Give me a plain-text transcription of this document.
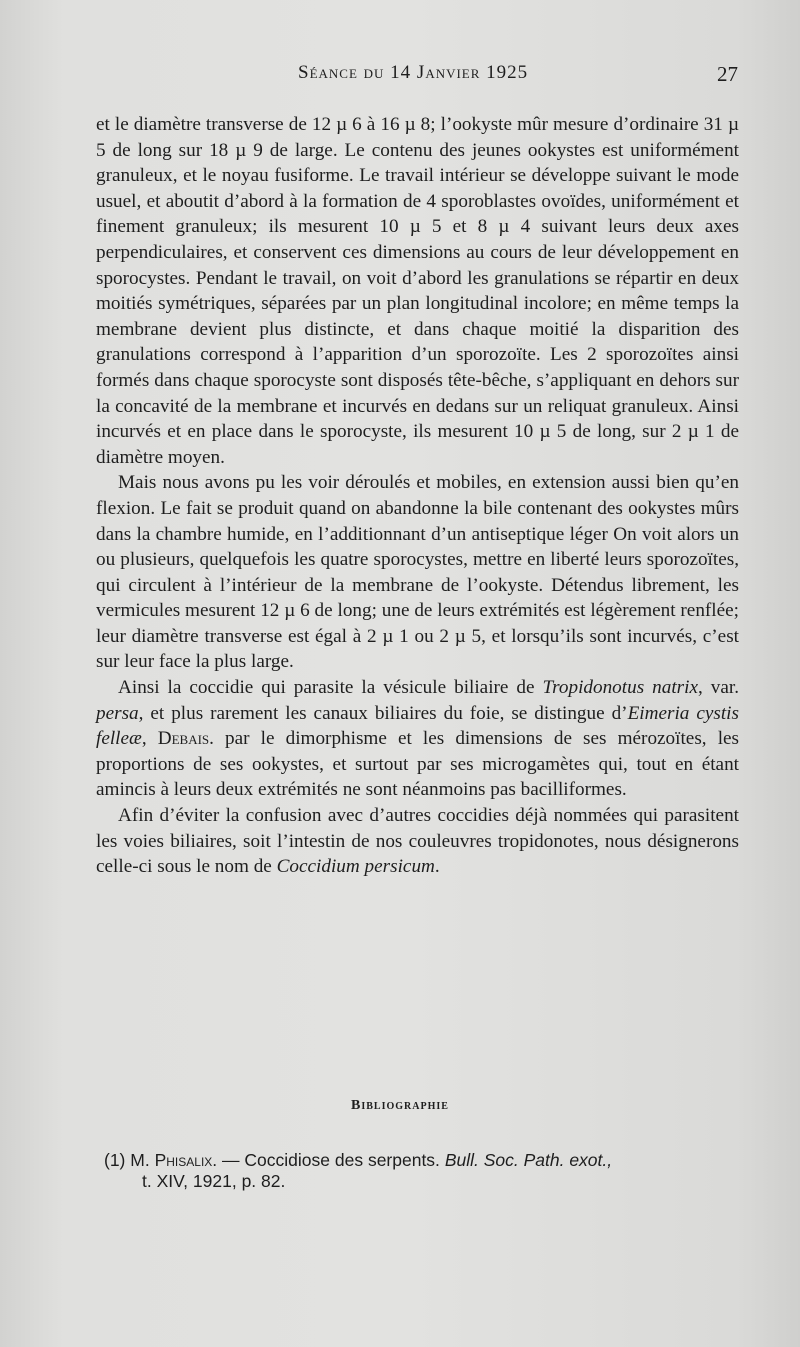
Séance du 14 Janvier 1925	27

et le diamètre transverse de 12 µ 6 à 16 µ 8; l’ookyste mûr mesure d’ordinaire 31 µ 5 de long sur 18 µ 9 de large. Le contenu des jeunes ookystes est uniformément granuleux, et le noyau fusiforme. Le travail intérieur se développe suivant le mode usuel, et aboutit d’abord à la formation de 4 sporoblastes ovoïdes, uniformément et finement granuleux; ils mesurent 10 µ 5 et 8 µ 4 suivant leurs deux axes perpendiculaires, et conservent ces dimensions au cours de leur développement en sporocystes. Pendant le travail, on voit d’abord les granulations se répartir en deux moitiés symétriques, séparées par un plan longitudinal incolore; en même temps la membrane devient plus distincte, et dans chaque moitié la disparition des granulations correspond à l’apparition d’un sporozoïte. Les 2 sporozoïtes ainsi formés dans chaque sporocyste sont disposés tête-bêche, s’appliquant en dehors sur la concavité de la membrane et incurvés en dedans sur un reliquat granuleux. Ainsi incurvés et en place dans le sporocyste, ils mesurent 10 µ 5 de long, sur 2 µ 1 de diamètre moyen.

Mais nous avons pu les voir déroulés et mobiles, en extension aussi bien qu’en flexion. Le fait se produit quand on abandonne la bile contenant des ookystes mûrs dans la chambre humide, en l’additionnant d’un antiseptique léger On voit alors un ou plusieurs, quelquefois les quatre sporocystes, mettre en liberté leurs sporozoïtes, qui circulent à l’intérieur de la membrane de l’ookyste. Détendus librement, les vermicules mesurent 12 µ 6 de long; une de leurs extrémités est légèrement renflée; leur diamètre transverse est égal à 2 µ 1 ou 2 µ 5, et lorsqu’ils sont incurvés, c’est sur leur face la plus large.

Ainsi la coccidie qui parasite la vésicule biliaire de Tropidonotus natrix, var. persa, et plus rarement les canaux biliaires du foie, se distingue d’Eimeria cystis felleæ, Debais. par le dimorphisme et les dimensions de ses mérozoïtes, les proportions de ses ookystes, et surtout par ses microgamètes qui, tout en étant amincis à leurs deux extrémités ne sont néanmoins pas bacilliformes.

Afin d’éviter la confusion avec d’autres coccidies déjà nommées qui parasitent les voies biliaires, soit l’intestin de nos couleuvres tropidonotes, nous désignerons celle-ci sous le nom de Coccidium persicum.

Bibliographie
(1) M. Phisalix. — Coccidiose des serpents. Bull. Soc. Path. exot.,
t. XIV, 1921, p. 82.
